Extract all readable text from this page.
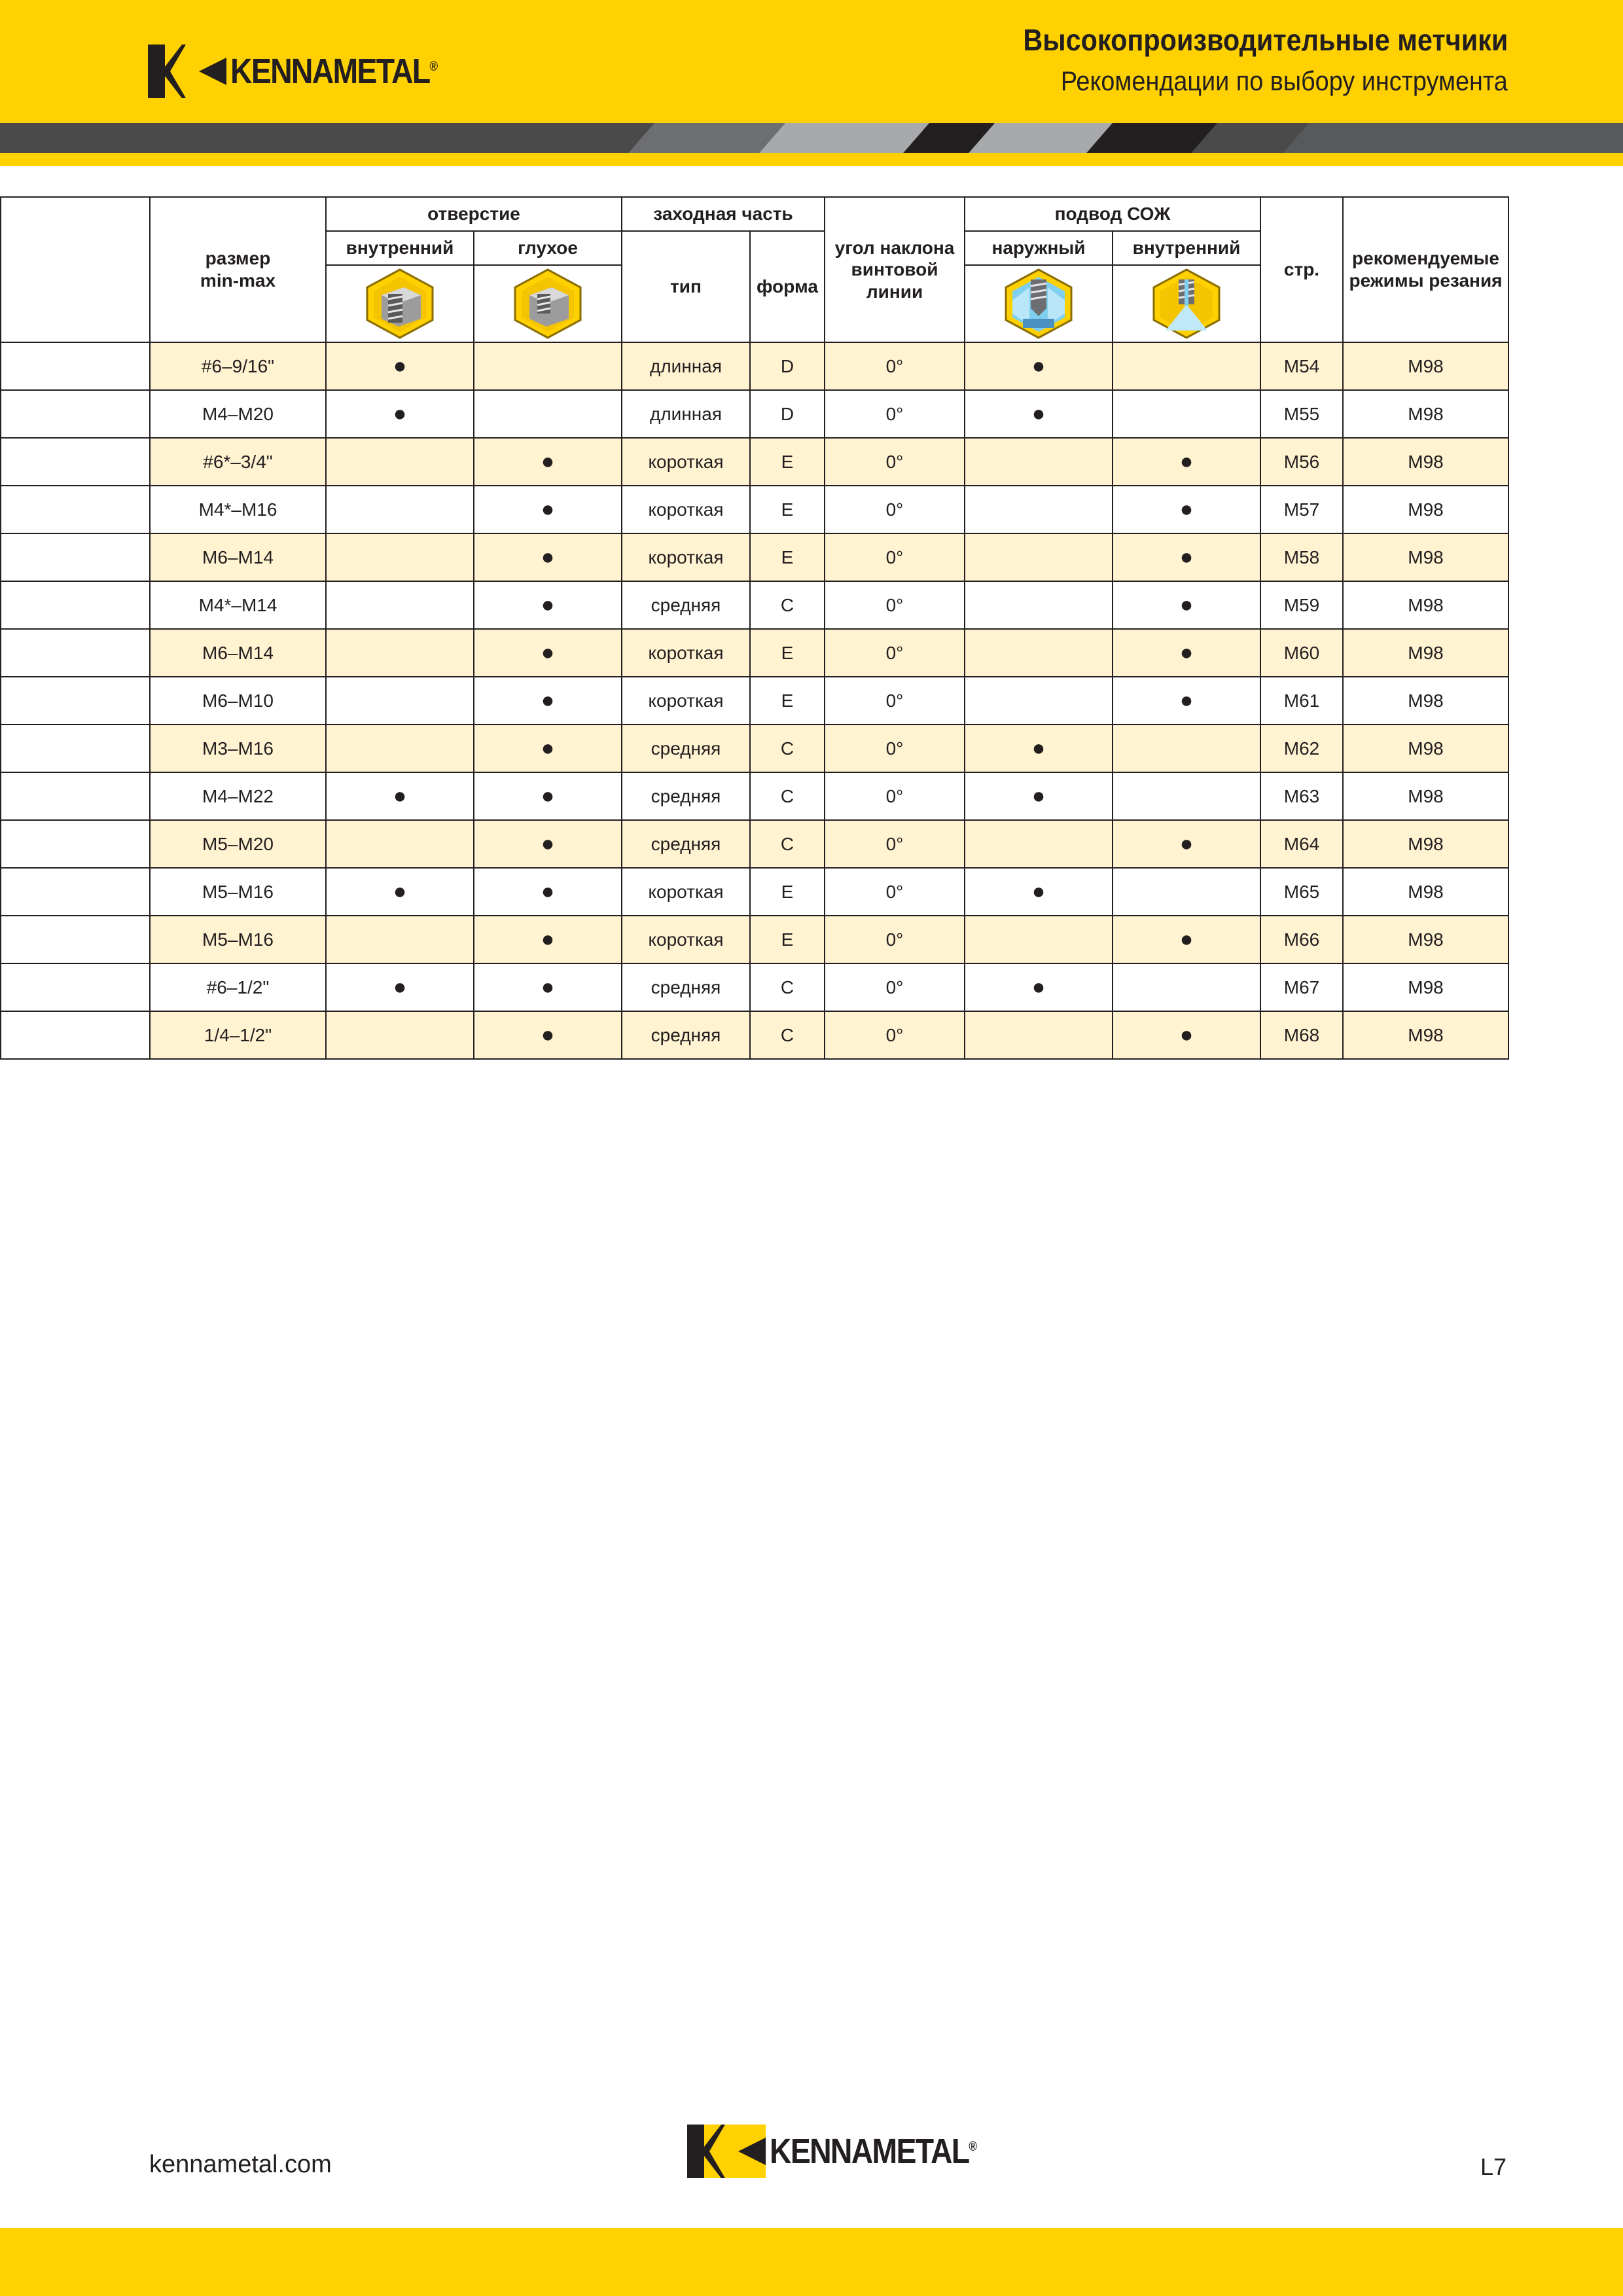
KENNAMETAL®
Высокопроизводительные метчики
Рекомендации по выбору инструмента
	размер
min-max	отверстие		заходная часть		угол наклона
винтовой линии	подвод СОЖ		стр.	рекомендуемые
режимы резания
		внутренний	глухое	тип	форма		наружный	внутренний		

	#6–9/16"	●		длинная	D	0°	●		M54	M98
	M4–M20	●		длинная	D	0°	●		M55	M98
	#6*–3/4"		●	короткая	E	0°		●	M56	M98
	M4*–M16		●	короткая	E	0°		●	M57	M98
	M6–M14		●	короткая	E	0°		●	M58	M98
	M4*–M14		●	средняя	C	0°		●	M59	M98
	M6–M14		●	короткая	E	0°		●	M60	M98
	M6–M10		●	короткая	E	0°		●	M61	M98
	M3–M16		●	средняя	C	0°	●		M62	M98
	M4–M22	●	●	средняя	C	0°	●		M63	M98
	M5–M20		●	средняя	C	0°		●	M64	M98
	M5–M16	●	●	короткая	E	0°	●		M65	M98
	M5–M16		●	короткая	E	0°		●	M66	M98
	#6–1/2"	●	●	средняя	C	0°	●		M67	M98
	1/4–1/2"		●	средняя	C	0°		●	M68	M98
kennametal.com	KENNAMETAL®
L7
